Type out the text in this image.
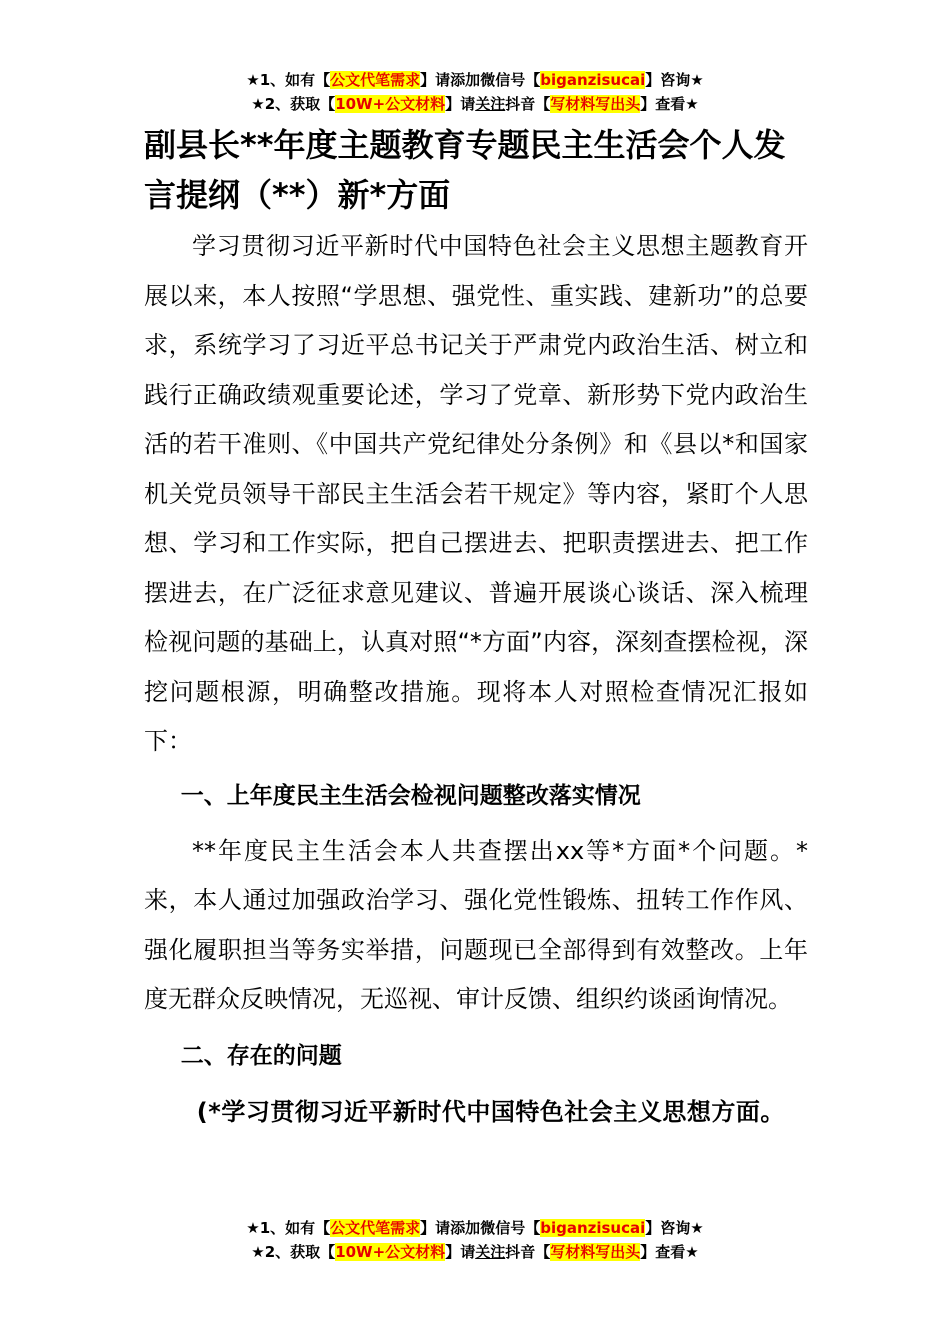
★1、如有【公文代笔需求】请添加微信号【biganzisucai】咨询★
★2、获取【10W+公文材料】请关注抖音【写材料写出头】查看★
副县长**年度主题教育专题民主生活会个人发言提纲（**）新*方面

学习贯彻习近平新时代中国特色社会主义思想主题教育开展以来，本人按照“学思想、强党性、重实践、建新功”的总要求，系统学习了习近平总书记关于严肃党内政治生活、树立和践行正确政绩观重要论述，学习了党章、新形势下党内政治生活的若干准则、《中国共产党纪律处分条例》和《县以*和国家机关党员领导干部民主生活会若干规定》等内容，紧盯个人思想、学习和工作实际，把自己摆进去、把职责摆进去、把工作摆进去，在广泛征求意见建议、普遍开展谈心谈话、深入梳理检视问题的基础上，认真对照“*方面”内容，深刻查摆检视，深挖问题根源，明确整改措施。现将本人对照检查情况汇报如下：

一、上年度民主生活会检视问题整改落实情况

**年度民主生活会本人共查摆出xx等*方面*个问题。*来，本人通过加强政治学习、强化党性锻炼、扭转工作作风、强化履职担当等务实举措，问题现已全部得到有效整改。上年度无群众反映情况，无巡视、审计反馈、组织约谈函询情况。

二、存在的问题
(*学习贯彻习近平新时代中国特色社会主义思想方面。
★1、如有【公文代笔需求】请添加微信号【biganzisucai】咨询★
★2、获取【10W+公文材料】请关注抖音【写材料写出头】查看★
